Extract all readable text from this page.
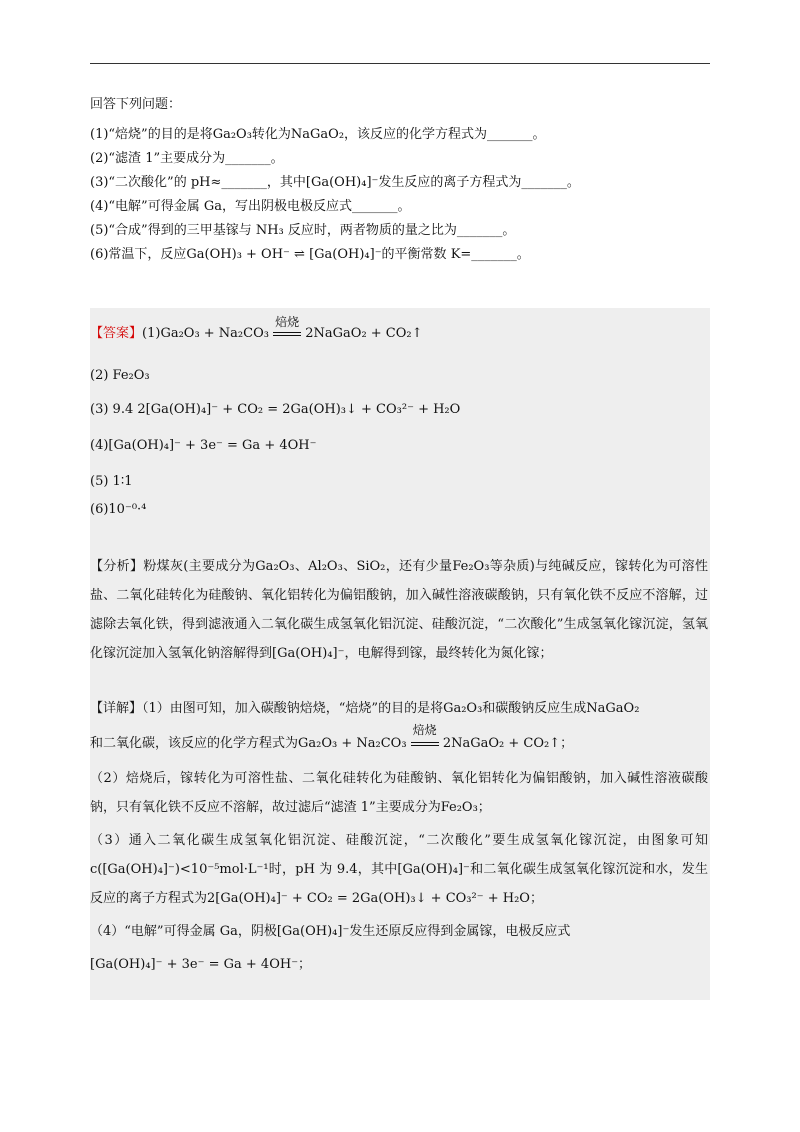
回答下列问题：

(1)“焙烧”的目的是将Ga₂O₃转化为NaGaO₂，该反应的化学方程式为_______。

(2)“滤渣 1”主要成分为_______。

(3)“二次酸化”的 pH≈_______，其中[Ga(OH)₄]⁻发生反应的离子方程式为_______。

(4)“电解”可得金属 Ga，写出阴极电极反应式_______。

(5)“合成”得到的三甲基镓与 NH₃ 反应时，两者物质的量之比为_______。

(6)常温下，反应Ga(OH)₃ + OH⁻ ⇌ [Ga(OH)₄]⁻的平衡常数 K=_______。

【答案】(1)Ga₂O₃ + Na₂CO₃
焙烧
2NaGaO₂ + CO₂↑
(2) Fe₂O₃
(3) 9.4 2[Ga(OH)₄]⁻ + CO₂ = 2Ga(OH)₃↓ + CO₃²⁻ + H₂O
(4)[Ga(OH)₄]⁻ + 3e⁻ = Ga + 4OH⁻
(5) 1∶1
(6)10⁻⁰·⁴

【分析】粉煤灰(主要成分为Ga₂O₃、Al₂O₃、SiO₂，还有少量Fe₂O₃等杂质)与纯碱反应，镓转化为可溶性盐、二氧化硅转化为硅酸钠、氧化铝转化为偏铝酸钠，加入碱性溶液碳酸钠，只有氧化铁不反应不溶解，过滤除去氧化铁，得到滤液通入二氧化碳生成氢氧化铝沉淀、硅酸沉淀，“二次酸化”生成氢氧化镓沉淀，氢氧化镓沉淀加入氢氧化钠溶解得到[Ga(OH)₄]⁻，电解得到镓，最终转化为氮化镓；

【详解】（1）由图可知，加入碳酸钠焙烧，“焙烧”的目的是将Ga₂O₃和碳酸钠反应生成NaGaO₂

和二氧化碳，该反应的化学方程式为Ga₂O₃ + Na₂CO₃
焙烧
2NaGaO₂ + CO₂↑；

（2）焙烧后，镓转化为可溶性盐、二氧化硅转化为硅酸钠、氧化铝转化为偏铝酸钠，加入碱性溶液碳酸钠，只有氧化铁不反应不溶解，故过滤后“滤渣 1”主要成分为Fe₂O₃；

（3）通入二氧化碳生成氢氧化铝沉淀、硅酸沉淀，“二次酸化”要生成氢氧化镓沉淀，由图象可知c([Ga(OH)₄]⁻)<10⁻⁵mol·L⁻¹时，pH 为 9.4，其中[Ga(OH)₄]⁻和二氧化碳生成氢氧化镓沉淀和水，发生反应的离子方程式为2[Ga(OH)₄]⁻ + CO₂ = 2Ga(OH)₃↓ + CO₃²⁻ + H₂O；

（4）“电解”可得金属 Ga，阴极[Ga(OH)₄]⁻发生还原反应得到金属镓，电极反应式

[Ga(OH)₄]⁻ + 3e⁻ = Ga + 4OH⁻；
